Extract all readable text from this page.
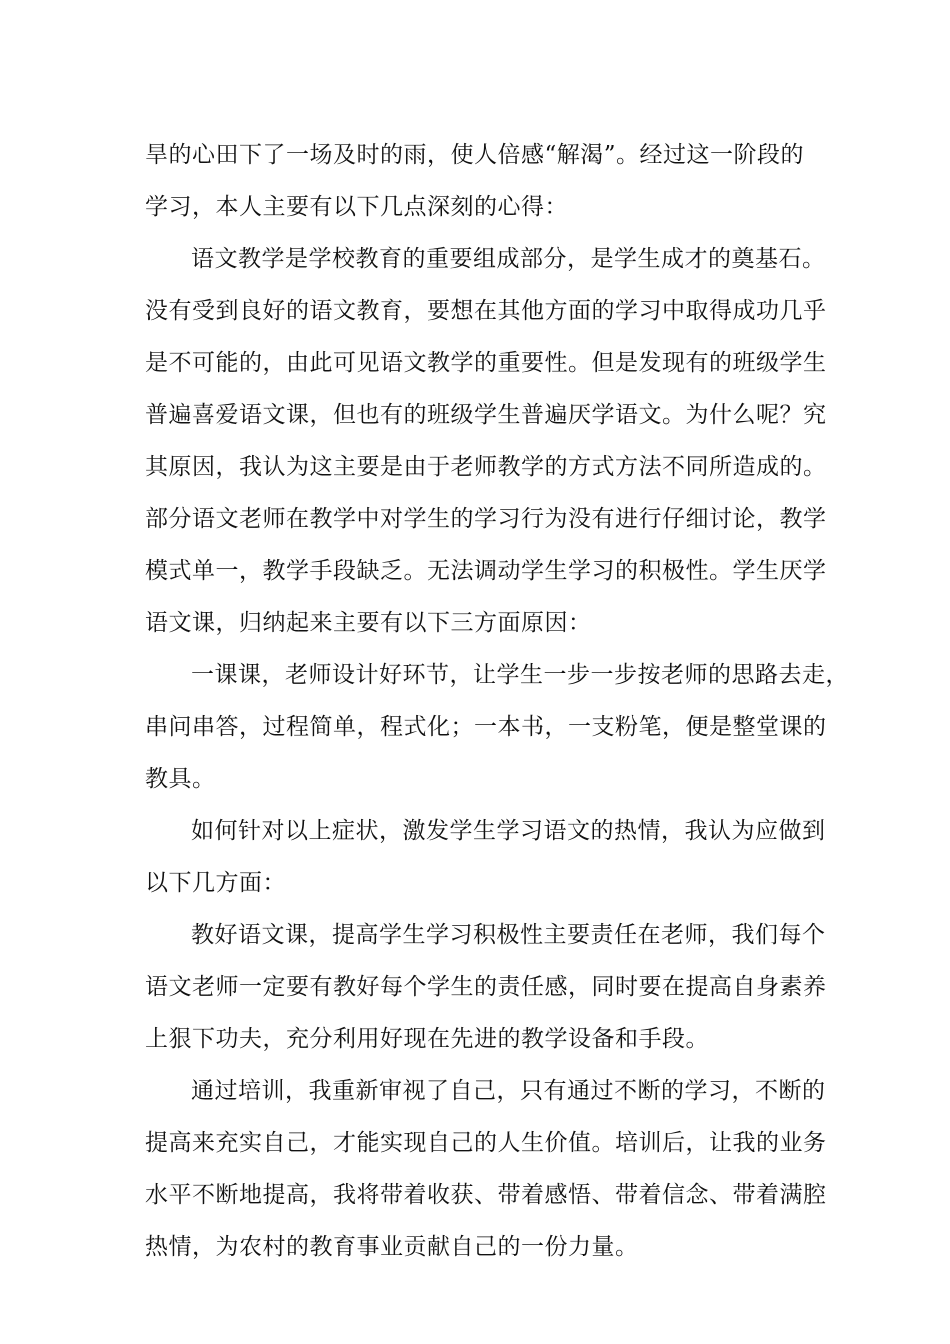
旱的心田下了一场及时的雨，使人倍感“解渴”。经过这一阶段的
学习，本人主要有以下几点深刻的心得：

语文教学是学校教育的重要组成部分，是学生成才的奠基石。
没有受到良好的语文教育，要想在其他方面的学习中取得成功几乎
是不可能的，由此可见语文教学的重要性。但是发现有的班级学生
普遍喜爱语文课，但也有的班级学生普遍厌学语文。为什么呢？究
其原因，我认为这主要是由于老师教学的方式方法不同所造成的。
部分语文老师在教学中对学生的学习行为没有进行仔细讨论，教学
模式单一，教学手段缺乏。无法调动学生学习的积极性。学生厌学
语文课，归纳起来主要有以下三方面原因：

一课课，老师设计好环节，让学生一步一步按老师的思路去走，
串问串答，过程简单，程式化；一本书，一支粉笔，便是整堂课的
教具。

如何针对以上症状，激发学生学习语文的热情，我认为应做到
以下几方面：

教好语文课，提高学生学习积极性主要责任在老师，我们每个
语文老师一定要有教好每个学生的责任感，同时要在提高自身素养
上狠下功夫，充分利用好现在先进的教学设备和手段。

通过培训，我重新审视了自己，只有通过不断的学习，不断的
提高来充实自己，才能实现自己的人生价值。培训后，让我的业务
水平不断地提高，我将带着收获、带着感悟、带着信念、带着满腔
热情，为农村的教育事业贡献自己的一份力量。
